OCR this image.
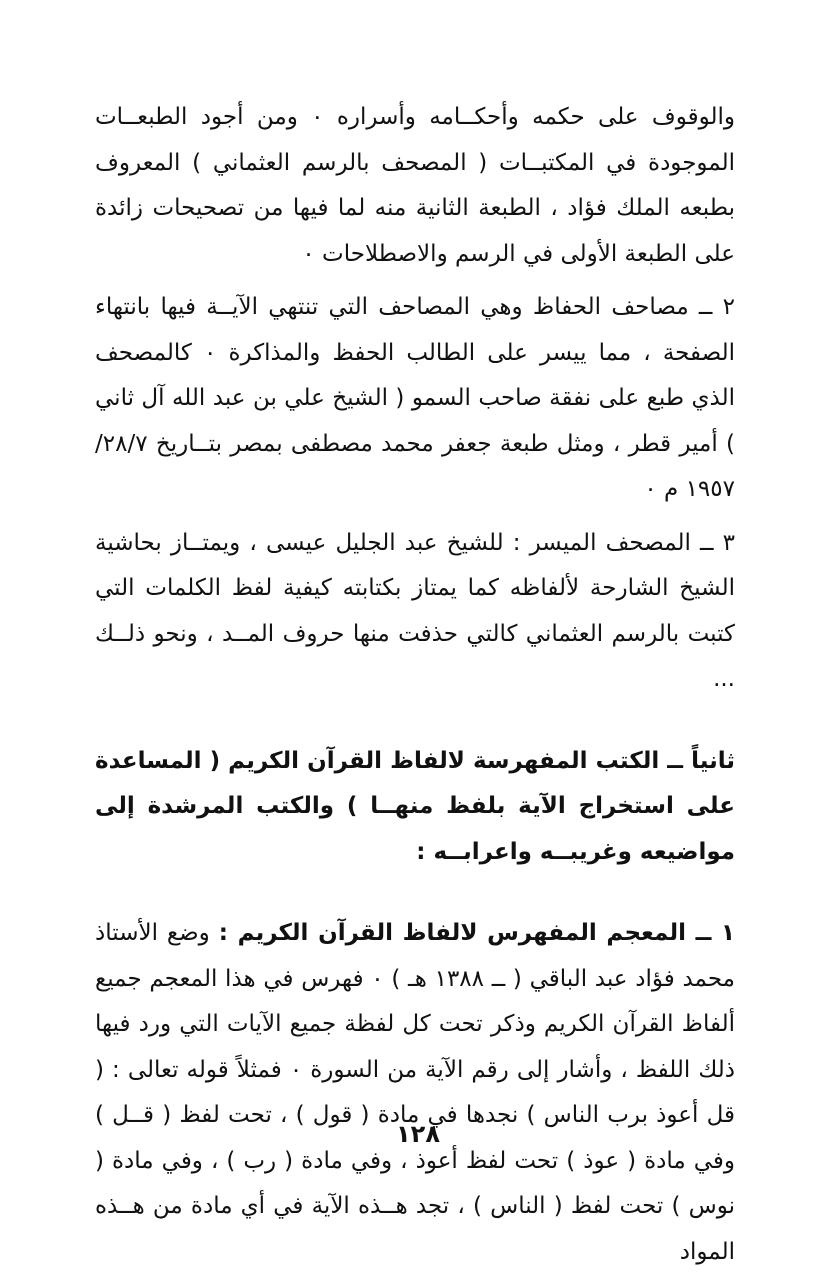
والوقوف على حكمه وأحكــامه وأسراره ٠ ومن أجود الطبعــات الموجودة في المكتبــات ( المصحف بالرسم العثماني ) المعروف بطبعه الملك فؤاد ، الطبعة الثانية منه لما فيها من تصحيحات زائدة على الطبعة الأولى في الرسم والاصطلاحات ٠

٢ ــ مصاحف الحفاظ وهي المصاحف التي تنتهي الآيــة فيها بانتهاء الصفحة ، مما ييسر على الطالب الحفظ والمذاكرة ٠ كالمصحف الذي طبع على نفقة صاحب السمو ( الشيخ علي بن عبد الله آل ثاني ) أمير قطر ، ومثل طبعة جعفر محمد مصطفى بمصر بتــاريخ ٢٨/٧/ ١٩٥٧ م ٠

٣ ــ المصحف الميسر : للشيخ عبد الجليل عيسى ، ويمتــاز بحاشية الشيخ الشارحة لألفاظه كما يمتاز بكتابته كيفية لفظ الكلمات التي كتبت بالرسم العثماني كالتي حذفت منها حروف المــد ، ونحو ذلــك ...

ثانياً ــ الكتب المفهرسة لالفاظ القرآن الكريم ( المساعدة على استخراج الآية بلفظ منهــا ) والكتب المرشدة إلى مواضيعه وغريبــه واعرابــه :

١ ــ المعجم المفهرس لالفاظ القرآن الكريم : وضع الأستاذ محمد فؤاد عبد الباقي ( ــ ١٣٨٨ هـ ) ٠ فهرس في هذا المعجم جميع ألفاظ القرآن الكريم وذكر تحت كل لفظة جميع الآيات التي ورد فيها ذلك اللفظ ، وأشار إلى رقم الآية من السورة ٠ فمثلاً قوله تعالى : ( قل أعوذ برب الناس ) نجدها في مادة ( قول ) ، تحت لفظ ( قــل ) وفي مادة ( عوذ ) تحت لفظ أعوذ ، وفي مادة ( رب ) ، وفي مادة ( نوس ) تحت لفظ ( الناس ) ، تجد هــذه الآية في أي مادة من هــذه المواد

١٢٨
